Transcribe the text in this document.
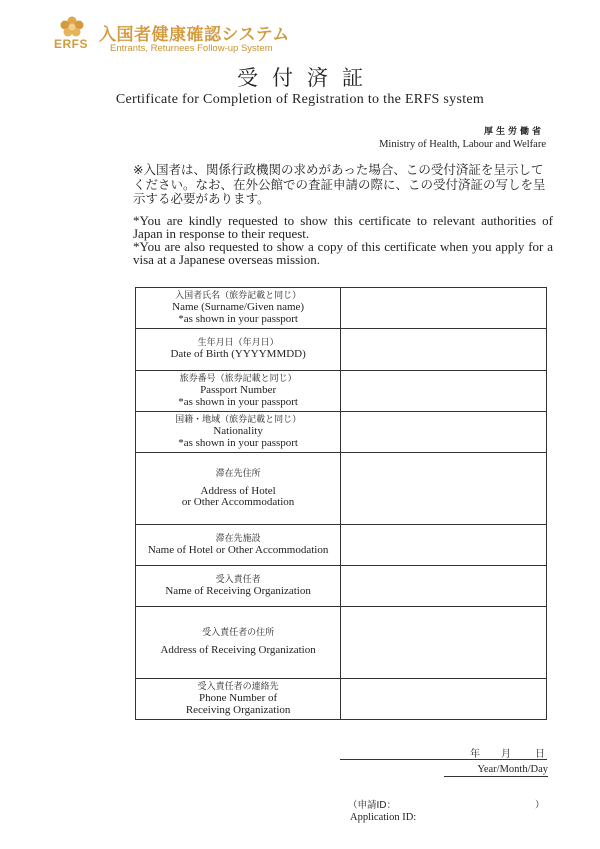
ERFS 入国者健康確認システム
Entrants, Returnees Follow-up System
受付済証
Certificate for Completion of Registration to the ERFS system
厚生労働省
Ministry of Health, Labour and Welfare
※入国者は、関係行政機関の求めがあった場合、この受付済証を呈示してください。なお、在外公館での査証申請の際に、この受付済証の写しを呈示する必要があります。

*You are kindly requested to show this certificate to relevant authorities of Japan in response to their request.

*You are also requested to show a copy of this certificate when you apply for a visa at a Japanese overseas mission.

入国者氏名（旅券記載と同じ）
Name (Surname/Given name)
*as shown in your passport	

生年月日（年月日）
Date of Birth (YYYYMMDD)	

旅券番号（旅券記載と同じ）
Passport Number
*as shown in your passport	

国籍・地域（旅券記載と同じ）
Nationality
*as shown in your passport	

滞在先住所
Address of Hotel
or Other Accommodation	

滞在先施設
Name of Hotel or Other Accommodation	

受入責任者
Name of Receiving Organization	

受入責任者の住所
Address of Receiving Organization	

受入責任者の連絡先
Phone Number of
Receiving Organization	

年 月 日
Year/Month/Day
（申請ID：	）
Application ID:
